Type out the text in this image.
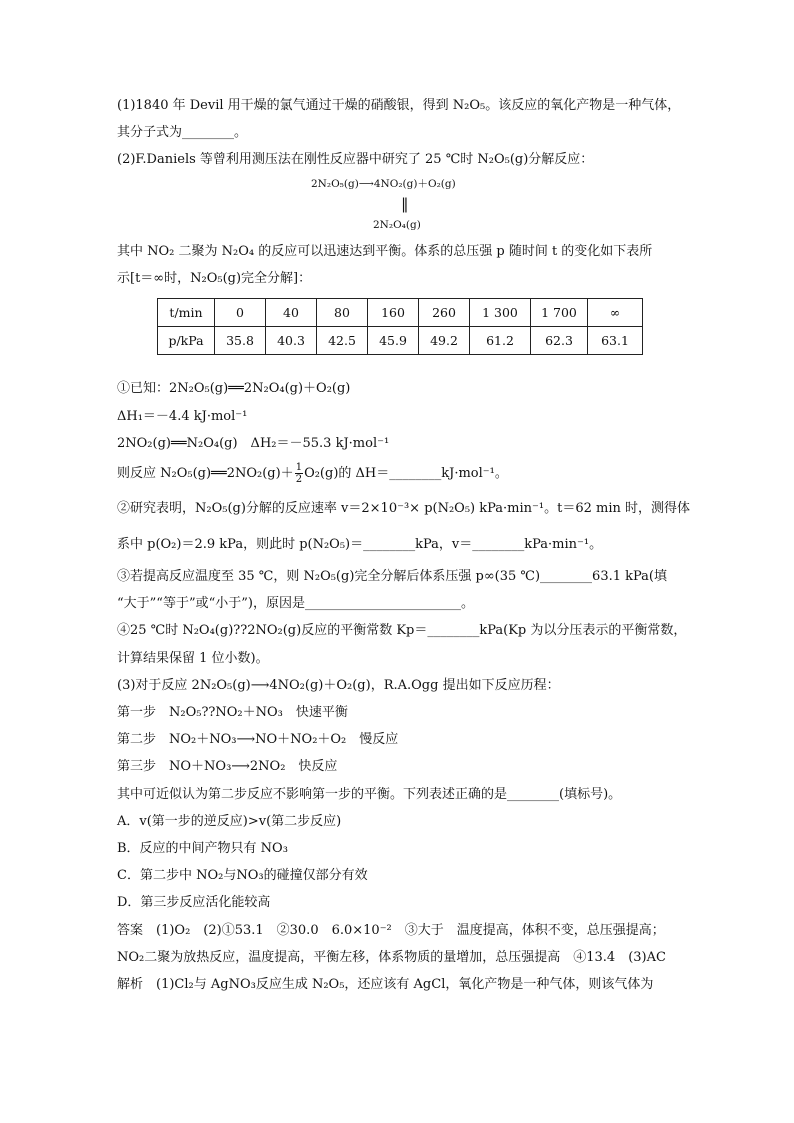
(1)1840 年 Devil 用干燥的氯气通过干燥的硝酸银，得到 N₂O₅。该反应的氧化产物是一种气体，
其分子式为________。
(2)F.Daniels 等曾利用测压法在刚性反应器中研究了 25 ℃时 N₂O₅(g)分解反应：
2N₂O₅(g)⟶4NO₂(g)＋O₂(g)
‖
2N₂O₄(g)
其中 NO₂ 二聚为 N₂O₄ 的反应可以迅速达到平衡。体系的总压强 p 随时间 t 的变化如下表所
示[t＝∞时，N₂O₅(g)完全分解]：
t/min	0	40	80	160	260	1 300	1 700	∞
p/kPa	35.8	40.3	42.5	45.9	49.2	61.2	62.3	63.1
①已知：2N₂O₅(g)══2N₂O₄(g)＋O₂(g)
ΔH₁＝－4.4 kJ·mol⁻¹
2NO₂(g)══N₂O₄(g)　ΔH₂＝－55.3 kJ·mol⁻¹
则反应 N₂O₅(g)══2NO₂(g)＋ $\frac{1}{2} O_2(g)$的 ΔH＝________kJ·mol⁻¹。
②研究表明，N₂O₅(g)分解的反应速率 v＝2×10⁻³× p(N₂O₅) kPa·min⁻¹。t＝62 min 时，测得体
系中 p(O₂)＝2.9 kPa，则此时 p(N₂O₅)＝________kPa，v＝________kPa·min⁻¹。
③若提高反应温度至 35 ℃，则 N₂O₅(g)完全分解后体系压强 p∞(35 ℃)________63.1 kPa(填
“大于”“等于”或“小于”)，原因是________________________。
④25 ℃时 N₂O₄(g)??2NO₂(g)反应的平衡常数 Kp＝________kPa(Kp 为以分压表示的平衡常数，
计算结果保留 1 位小数)。
(3)对于反应 2N₂O₅(g)⟶4NO₂(g)＋O₂(g)，R.A.Ogg 提出如下反应历程：
第一步　N₂O₅??NO₂＋NO₃　快速平衡
第二步　NO₂＋NO₃⟶NO＋NO₂＋O₂　慢反应
第三步　NO＋NO₃⟶2NO₂　快反应
其中可近似认为第二步反应不影响第一步的平衡。下列表述正确的是________(填标号)。
A．v(第一步的逆反应)>v(第二步反应)
B．反应的中间产物只有 NO₃
C．第二步中 NO₂与NO₃的碰撞仅部分有效
D．第三步反应活化能较高
答案　(1)O₂　(2)①53.1　②30.0　6.0×10⁻²　③大于　温度提高，体积不变，总压强提高；
NO₂二聚为放热反应，温度提高，平衡左移，体系物质的量增加，总压强提高　④13.4　(3)AC
解析　(1)Cl₂与 AgNO₃反应生成 N₂O₅，还应该有 AgCl，氧化产物是一种气体，则该气体为
